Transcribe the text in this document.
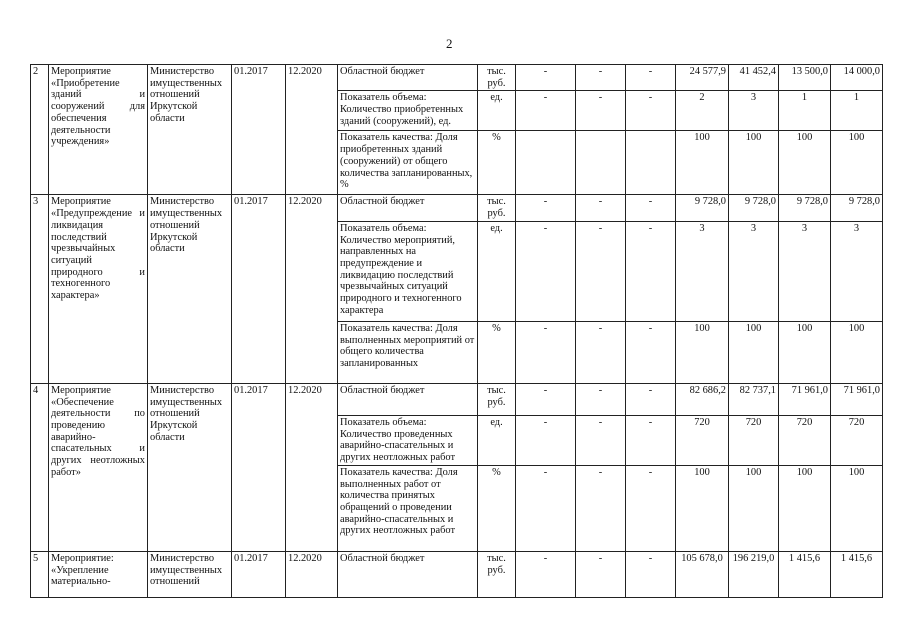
2
2	Мероприятие «Приобретение зданий и сооружений для обеспечения деятельности учреждения»	Министерство имущественных отношений Иркутской области	01.2017	12.2020	Областной бюджет	тыс. руб.	-	-	-	24 577,9	41 452,4	13 500,0	14 000,0
					Показатель объема: Количество приобретенных зданий (сооружений), ед.	ед.	-	-	-	2	3	1	1
					Показатель качества: Доля приобретенных зданий (сооружений) от общего количества запланированных, %	%				100	100	100	100
3	Мероприятие «Предупреждение и ликвидация последствий чрезвычайных ситуаций природного и техногенного характера»	Министерство имущественных отношений Иркутской области	01.2017	12.2020	Областной бюджет	тыс. руб.	-	-	-	9 728,0	9 728,0	9 728,0	9 728,0
					Показатель объема: Количество мероприятий, направленных на предупреждение и ликвидацию последствий чрезвычайных ситуаций природного и техногенного характера	ед.	-	-	-	3	3	3	3
					Показатель качества: Доля выполненных мероприятий от общего количества запланированных	%	-	-	-	100	100	100	100
4	Мероприятие «Обеспечение деятельности по проведению аварийно-спасательных и других неотложных работ»	Министерство имущественных отношений Иркутской области	01.2017	12.2020	Областной бюджет	тыс. руб.	-	-	-	82 686,2	82 737,1	71 961,0	71 961,0
					Показатель объема: Количество проведенных аварийно-спасательных и других неотложных работ	ед.	-	-	-	720	720	720	720
					Показатель качества: Доля выполненных работ от количества принятых обращений о проведении аварийно-спасательных и других неотложных работ	%	-	-	-	100	100	100	100
5	Мероприятие: «Укрепление материально-	Министерство имущественных отношений	01.2017	12.2020	Областной бюджет	тыс. руб.	-	-	-	105 678,0	196 219,0	1 415,6	1 415,6
